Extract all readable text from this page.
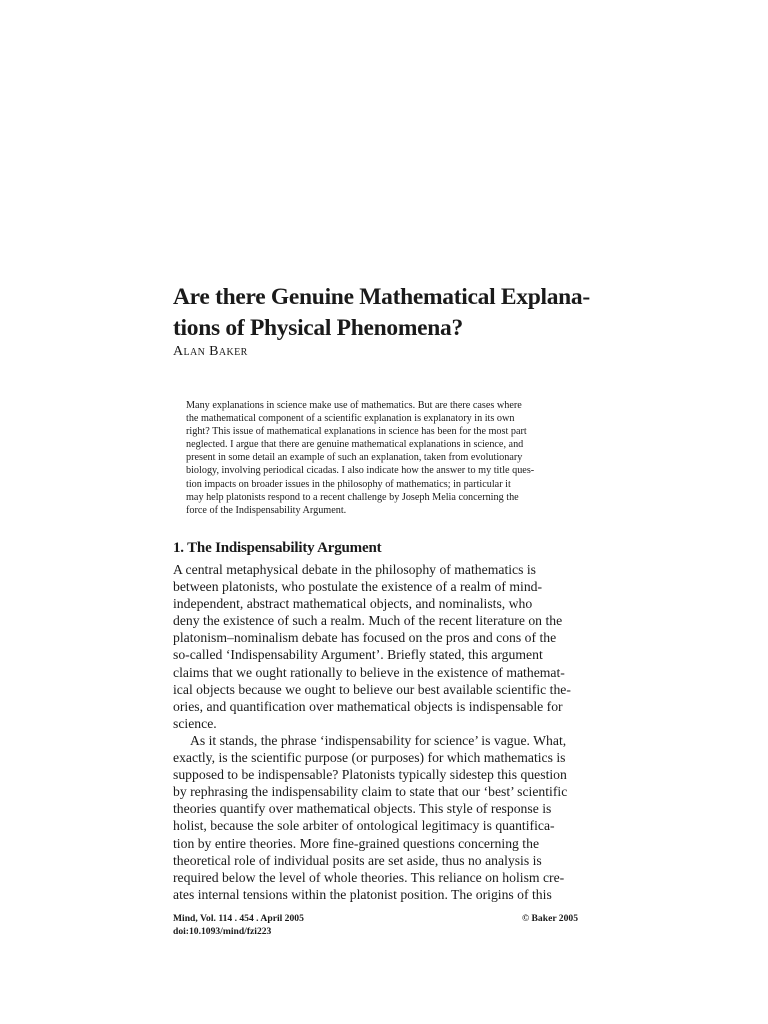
Are there Genuine Mathematical Explana-
tions of Physical Phenomena?
Alan Baker
Many explanations in science make use of mathematics. But are there cases where
the mathematical component of a scientific explanation is explanatory in its own
right? This issue of mathematical explanations in science has been for the most part
neglected. I argue that there are genuine mathematical explanations in science, and
present in some detail an example of such an explanation, taken from evolutionary
biology, involving periodical cicadas. I also indicate how the answer to my title ques-
tion impacts on broader issues in the philosophy of mathematics; in particular it
may help platonists respond to a recent challenge by Joseph Melia concerning the
force of the Indispensability Argument.
1. The Indispensability Argument
A central metaphysical debate in the philosophy of mathematics is
between platonists, who postulate the existence of a realm of mind-
independent, abstract mathematical objects, and nominalists, who
deny the existence of such a realm. Much of the recent literature on the
platonism–nominalism debate has focused on the pros and cons of the
so-called ‘Indispensability Argument’. Briefly stated, this argument
claims that we ought rationally to believe in the existence of mathemat-
ical objects because we ought to believe our best available scientific the-
ories, and quantification over mathematical objects is indispensable for
science.
As it stands, the phrase ‘indispensability for science’ is vague. What,
exactly, is the scientific purpose (or purposes) for which mathematics is
supposed to be indispensable? Platonists typically sidestep this question
by rephrasing the indispensability claim to state that our ‘best’ scientific
theories quantify over mathematical objects. This style of response is
holist, because the sole arbiter of ontological legitimacy is quantifica-
tion by entire theories. More fine-grained questions concerning the
theoretical role of individual posits are set aside, thus no analysis is
required below the level of whole theories. This reliance on holism cre-
ates internal tensions within the platonist position. The origins of this
Mind, Vol. 114 . 454 . April 2005
doi:10.1093/mind/fzi223
© Baker 2005
